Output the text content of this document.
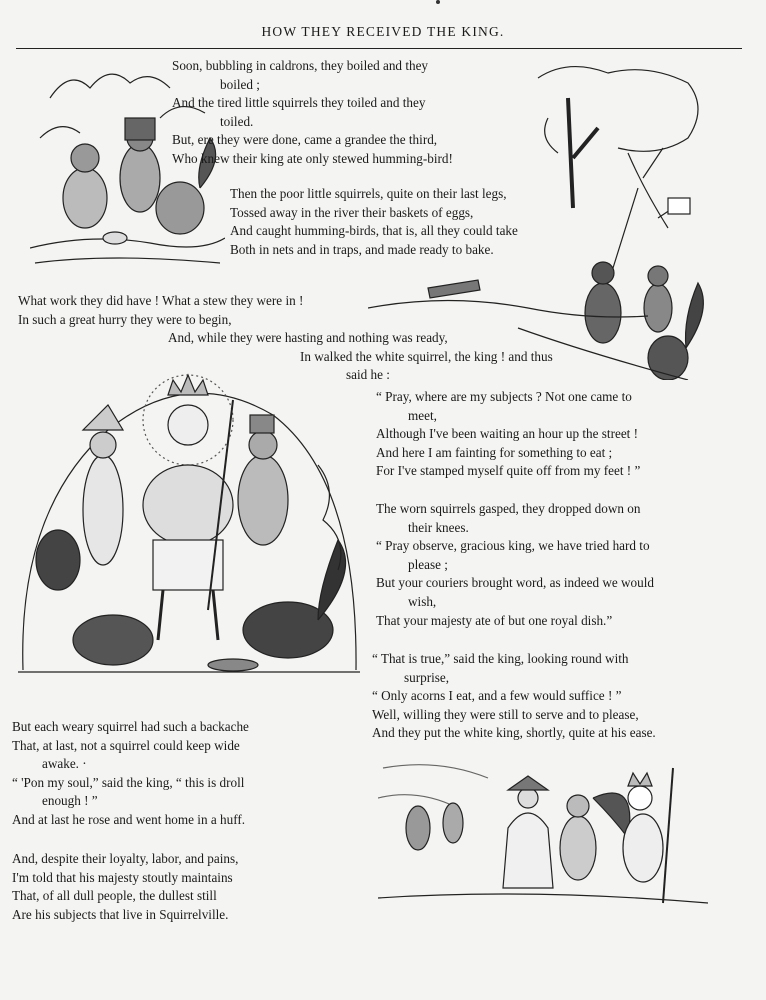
HOW THEY RECEIVED THE KING.
Soon, bubbling in caldrons, they boiled and they
boiled ;
And the tired little squirrels they toiled and they
toiled.
But, ere they were done, came a grandee the third,
Who knew their king ate only stewed humming-bird!
Then the poor little squirrels, quite on their last legs,
Tossed away in the river their baskets of eggs,
And caught humming-birds, that is, all they could take
Both in nets and in traps, and made ready to bake.
What work they did have ! What a stew they were in !
In such a great hurry they were to begin,
And, while they were hasting and nothing was ready,
In walked the white squirrel, the king ! and thus
said he :
“ Pray, where are my subjects ? Not one came to
meet,
Although I've been waiting an hour up the street !
And here I am fainting for something to eat ;
For I've stamped myself quite off from my feet ! ”
The worn squirrels gasped, they dropped down on
their knees.
“ Pray observe, gracious king, we have tried hard to
please ;
But your couriers brought word, as indeed we would
wish,
That your majesty ate of but one royal dish.”
“ That is true,” said the king, looking round with
surprise,
“ Only acorns I eat, and a few would suffice ! ”
Well, willing they were still to serve and to please,
And they put the white king, shortly, quite at his ease.
But each weary squirrel had such a backache
That, at last, not a squirrel could keep wide
awake. ·
“ 'Pon my soul,” said the king, “ this is droll
enough ! ”
And at last he rose and went home in a huff.
And, despite their loyalty, labor, and pains,
I'm told that his majesty stoutly maintains
That, of all dull people, the dullest still
Are his subjects that live in Squirrelville.
